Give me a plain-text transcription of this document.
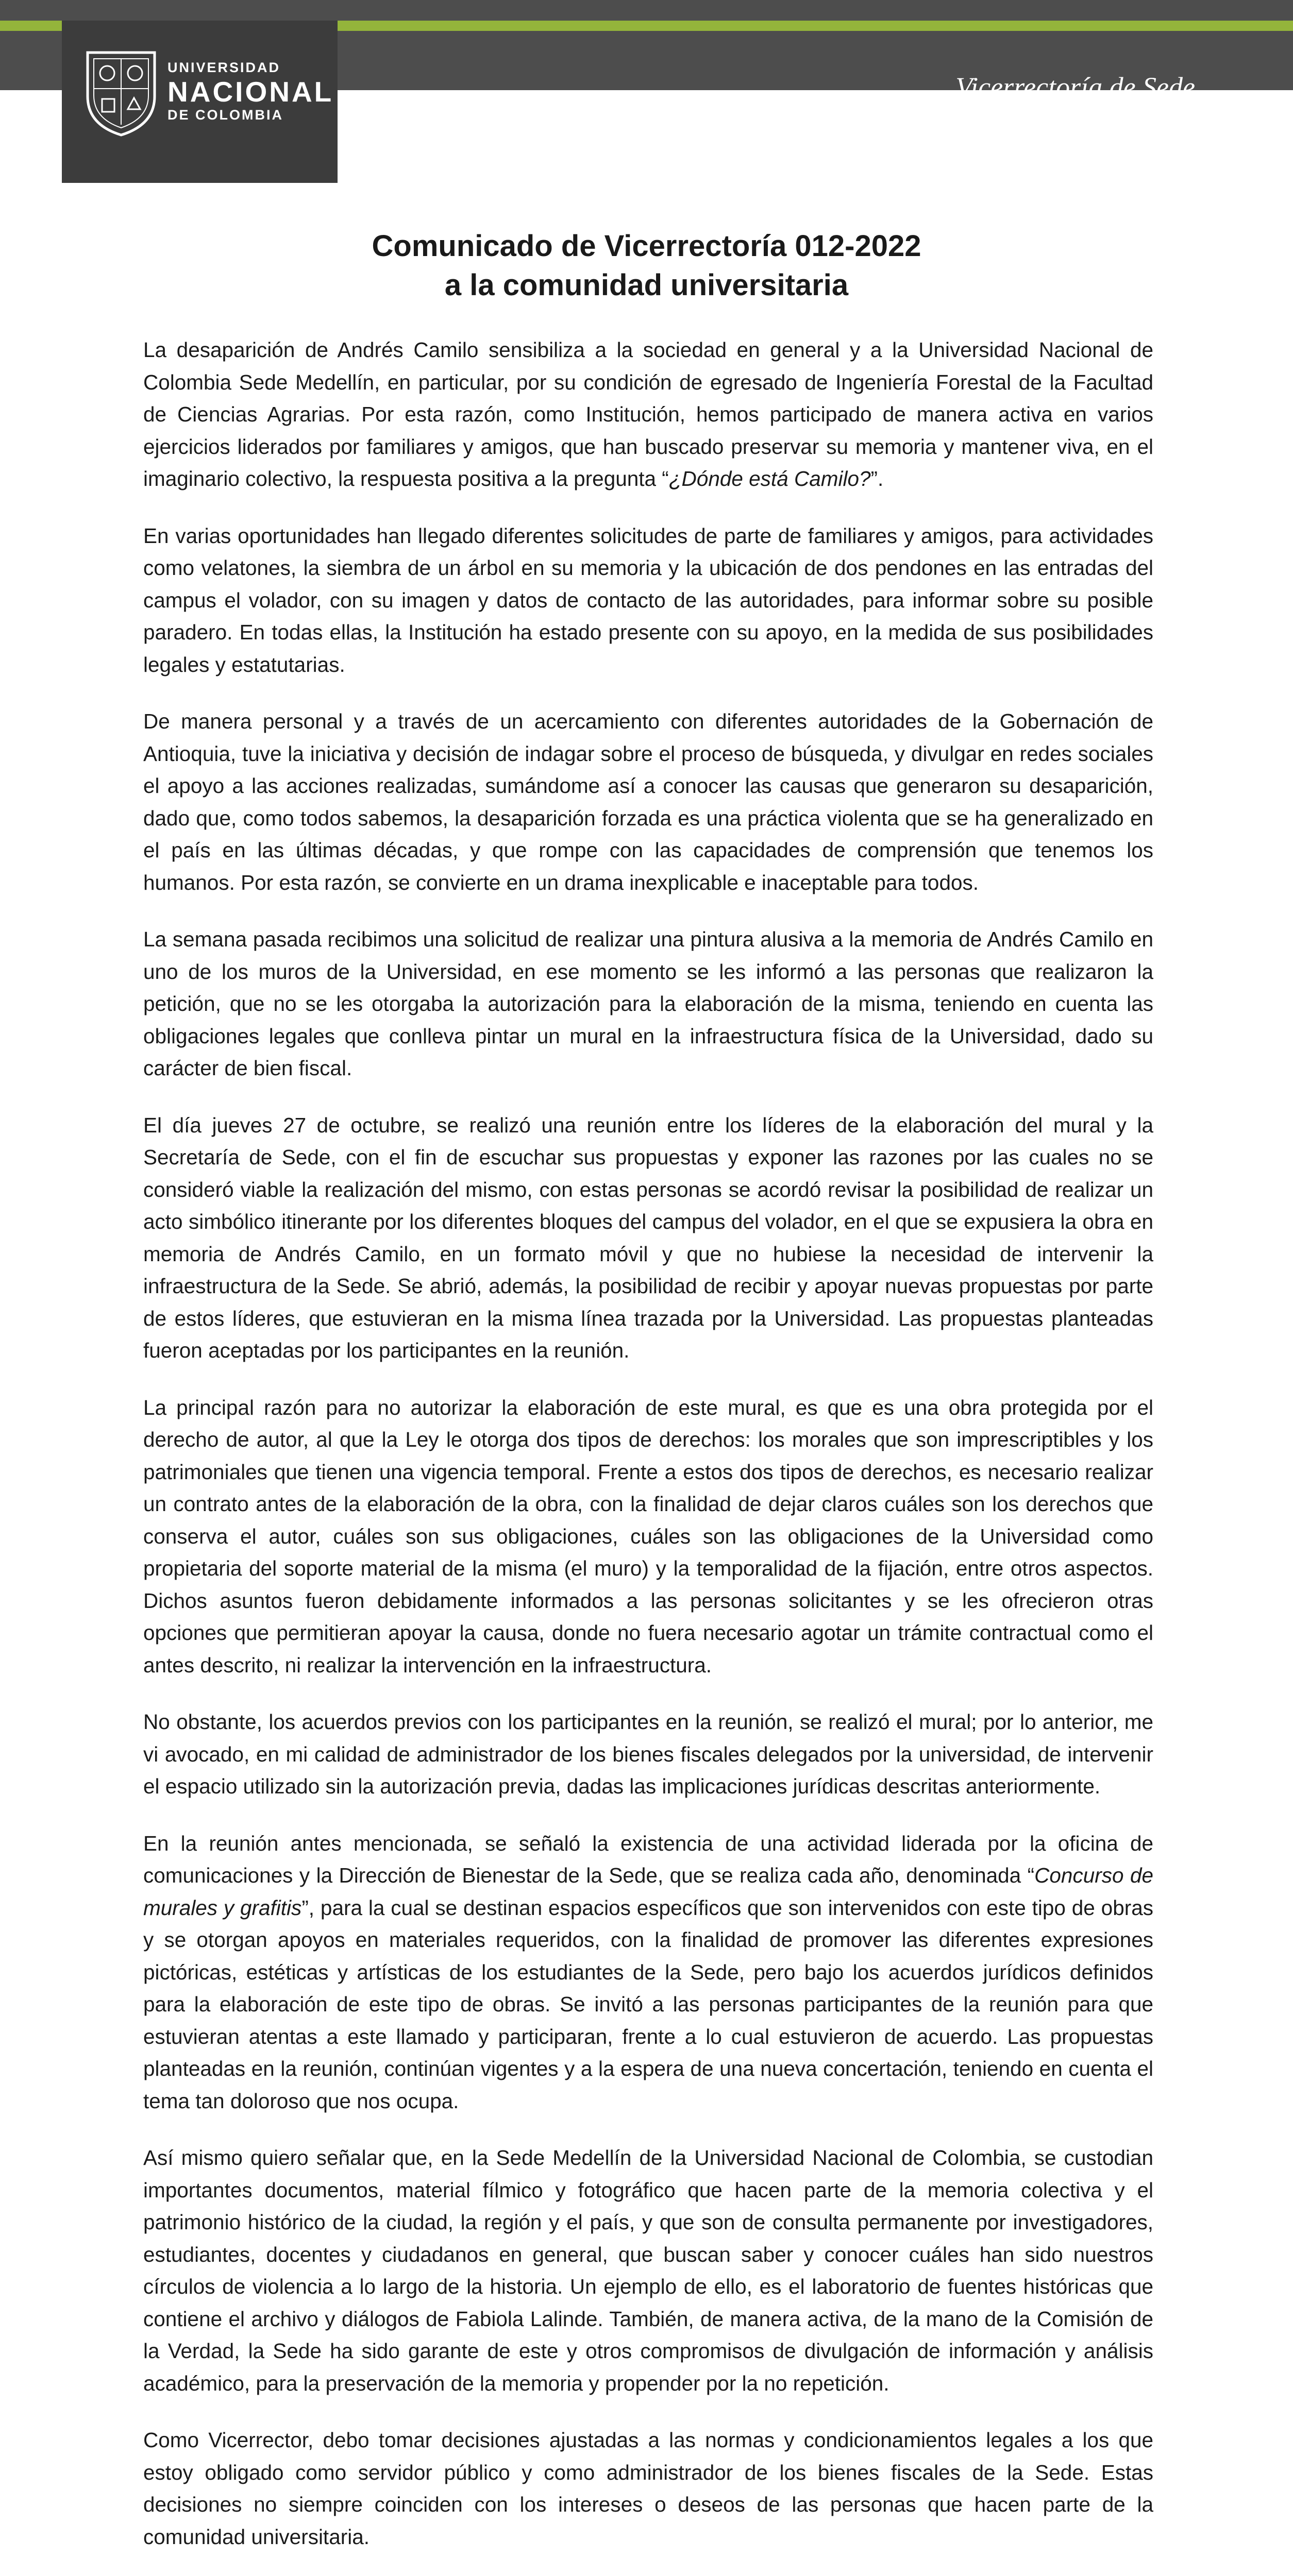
UNIVERSIDAD
NACIONAL
DE COLOMBIA
Vicerrectoría de Sede
Comunicado de Vicerrectoría 012-2022
a la comunidad universitaria

La desaparición de Andrés Camilo sensibiliza a la sociedad en general y a la Universidad Nacional de Colombia Sede Medellín, en particular, por su condición de egresado de Ingeniería Forestal de la Facultad de Ciencias Agrarias. Por esta razón, como Institución, hemos participado de manera activa en varios ejercicios liderados por familiares y amigos, que han buscado preservar su memoria y mantener viva, en el imaginario colectivo, la respuesta positiva a la pregunta “¿Dónde está Camilo?”.

En varias oportunidades han llegado diferentes solicitudes de parte de familiares y amigos, para actividades como velatones, la siembra de un árbol en su memoria y la ubicación de dos pendones en las entradas del campus el volador, con su imagen y datos de contacto de las autoridades, para informar sobre su posible paradero. En todas ellas, la Institución ha estado presente con su apoyo, en la medida de sus posibilidades legales y estatutarias.

De manera personal y a través de un acercamiento con diferentes autoridades de la Gobernación de Antioquia, tuve la iniciativa y decisión de indagar sobre el proceso de búsqueda, y divulgar en redes sociales el apoyo a las acciones realizadas, sumándome así a conocer las causas que generaron su desaparición, dado que, como todos sabemos, la desaparición forzada es una práctica violenta que se ha generalizado en el país en las últimas décadas, y que rompe con las capacidades de comprensión que tenemos los humanos. Por esta razón, se convierte en un drama inexplicable e inaceptable para todos.

La semana pasada recibimos una solicitud de realizar una pintura alusiva a la memoria de Andrés Camilo en uno de los muros de la Universidad, en ese momento se les informó a las personas que realizaron la petición, que no se les otorgaba la autorización para la elaboración de la misma, teniendo en cuenta las obligaciones legales que conlleva pintar un mural en la infraestructura física de la Universidad, dado su carácter de bien fiscal.

El día jueves 27 de octubre, se realizó una reunión entre los líderes de la elaboración del mural y la Secretaría de Sede, con el fin de escuchar sus propuestas y exponer las razones por las cuales no se consideró viable la realización del mismo, con estas personas se acordó revisar la posibilidad de realizar un acto simbólico itinerante por los diferentes bloques del campus del volador, en el que se expusiera la obra en memoria de Andrés Camilo, en un formato móvil y que no hubiese la necesidad de intervenir la infraestructura de la Sede. Se abrió, además, la posibilidad de recibir y apoyar nuevas propuestas por parte de estos líderes, que estuvieran en la misma línea trazada por la Universidad. Las propuestas planteadas fueron aceptadas por los participantes en la reunión.

La principal razón para no autorizar la elaboración de este mural, es que es una obra protegida por el derecho de autor, al que la Ley le otorga dos tipos de derechos: los morales que son imprescriptibles y los patrimoniales que tienen una vigencia temporal. Frente a estos dos tipos de derechos, es necesario realizar un contrato antes de la elaboración de la obra, con la finalidad de dejar claros cuáles son los derechos que conserva el autor, cuáles son sus obligaciones, cuáles son las obligaciones de la Universidad como propietaria del soporte material de la misma (el muro) y la temporalidad de la fijación, entre otros aspectos. Dichos asuntos fueron debidamente informados a las personas solicitantes y se les ofrecieron otras opciones que permitieran apoyar la causa, donde no fuera necesario agotar un trámite contractual como el antes descrito, ni realizar la intervención en la infraestructura.

No obstante, los acuerdos previos con los participantes en la reunión, se realizó el mural; por lo anterior, me vi avocado, en mi calidad de administrador de los bienes fiscales delegados por la universidad, de intervenir el espacio utilizado sin la autorización previa, dadas las implicaciones jurídicas descritas anteriormente.

En la reunión antes mencionada, se señaló la existencia de una actividad liderada por la oficina de comunicaciones y la Dirección de Bienestar de la Sede, que se realiza cada año, denominada “Concurso de murales y grafitis”, para la cual se destinan espacios específicos que son intervenidos con este tipo de obras y se otorgan apoyos en materiales requeridos, con la finalidad de promover las diferentes expresiones pictóricas, estéticas y artísticas de los estudiantes de la Sede, pero bajo los acuerdos jurídicos definidos para la elaboración de este tipo de obras. Se invitó a las personas participantes de la reunión para que estuvieran atentas a este llamado y participaran, frente a lo cual estuvieron de acuerdo. Las propuestas planteadas en la reunión, continúan vigentes y a la espera de una nueva concertación, teniendo en cuenta el tema tan doloroso que nos ocupa.

Así mismo quiero señalar que, en la Sede Medellín de la Universidad Nacional de Colombia, se custodian importantes documentos, material fílmico y fotográfico que hacen parte de la memoria colectiva y el patrimonio histórico de la ciudad, la región y el país, y que son de consulta permanente por investigadores, estudiantes, docentes y ciudadanos en general, que buscan saber y conocer cuáles han sido nuestros círculos de violencia a lo largo de la historia. Un ejemplo de ello, es el laboratorio de fuentes históricas que contiene el archivo y diálogos de Fabiola Lalinde. También, de manera activa, de la mano de la Comisión de la Verdad, la Sede ha sido garante de este y otros compromisos de divulgación de información y análisis académico, para la preservación de la memoria y propender por la no repetición.

Como Vicerrector, debo tomar decisiones ajustadas a las normas y condicionamientos legales a los que estoy obligado como servidor público y como administrador de los bienes fiscales de la Sede. Estas decisiones no siempre coinciden con los intereses o deseos de las personas que hacen parte de la comunidad universitaria.
